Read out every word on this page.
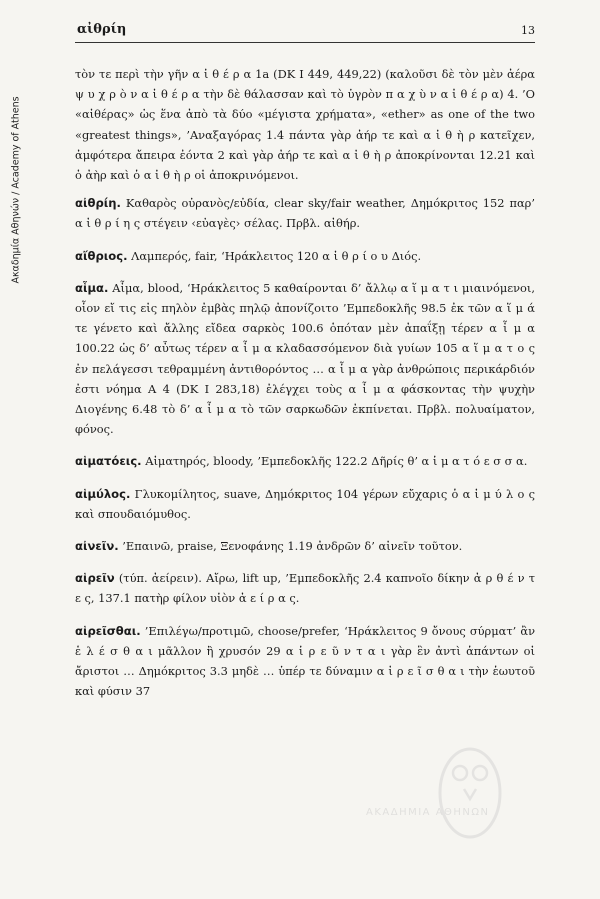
Ακαδημία Αθηνών / Academy of Athens
αἰθρίη	13

τὸν τε περὶ τὴν γῆν α ἰ θ έ ρ α 1a (DK I 449, 449,22) (καλοῦσι δὲ τὸν μὲν ἀέρα ψ υ χ ρ ὸ ν α ἰ θ έ ρ α τὴν δὲ θάλασσαν καὶ τὸ ὑγρὸν π α χ ὺ ν α ἰ θ έ ρ α) 4. ’Ο «αἰθέρας» ὡς ἕνα ἀπὸ τὰ δύο «μέγιστα χρήματα», «ether» as one of the two «greatest things», ’Αναξαγόρας 1.4 πάντα γὰρ ἀήρ τε καὶ α ἰ θ ὴ ρ κατεῖχεν, ἀμφότερα ἄπειρα ἐόντα 2 καὶ γὰρ ἀήρ τε καὶ α ἰ θ ὴ ρ ἀποκρίνονται 12.21 καὶ ὁ ἀὴρ καὶ ὁ α ἰ θ ὴ ρ οἱ ἀποκρινόμενοι.

αἰθρίη. Καθαρὸς οὐρανὸς/εὐδία, clear sky/fair weather, Δημόκριτος 152 παρ’ α ἰ θ ρ ί η ς στέγειν ‹εὐαγὲς› σέλας. Πρβλ. αἰθήρ.

αἴθριος. Λαμπερός, fair, ‘Ηράκλειτος 120 α ἰ θ ρ ί ο υ Διός.

αἷμα. Αἷμα, blood, ‘Ηράκλειτος 5 καθαίρονται δ’ ἄλλῳ α ἵ μ α τ ι μιαινόμενοι, οἷον εἴ τις εἰς πηλὸν ἐμβὰς πηλῷ ἀπονίζοιτο ’Εμπεδοκλῆς 98.5 ἐκ τῶν α ἵ μ ά τε γένετο καὶ ἄλλης εἴδεα σαρκὸς 100.6 ὁπόταν μὲν ἀπαΐξῃ τέρεν α ἷ μ α 100.22 ὡς δ’ αὖτως τέρεν α ἷ μ α κλαδασσόμενον διὰ γυίων 105 α ἵ μ α τ ο ς ἐν πελάγεσσι τεθραμμένη ἀντιθορόντος … α ἷ μ α γὰρ ἀνθρώποις περικάρδιόν ἐστι νόημα A 4 (DK I 283,18) ἐλέγχει τοὺς α ἷ μ α φάσκοντας τὴν ψυχὴν Διογένης 6.48 τὸ δ’ α ἷ μ α τὸ τῶν σαρκωδῶν ἐκπίνεται. Πρβλ. πολυαίματον, φόνος.

αἱματόεις. Αἱματηρός, bloody, ’Εμπεδοκλῆς 122.2 Δῆρίς θ’ α ἱ μ α τ ό ε σ σ α.

αἱμύλος. Γλυκομίλητος, suave, Δημόκριτος 104 γέρων εὔχαρις ὁ α ἱ μ ύ λ ο ς καὶ σπουδαιόμυθος.

αἰνεῖν. ’Επαινῶ, praise, Ξενοφάνης 1.19 ἀνδρῶν δ’ αἰνεῖν τοῦτον.

αἱρεῖν (τύπ. ἀείρειν). Αἴρω, lift up, ’Εμπεδοκλῆς 2.4 καπνοῖο δίκην ἀ ρ θ έ ν τ ε ς, 137.1 πατὴρ φίλον υἱὸν ἀ ε ί ρ α ς.

αἱρεῖσθαι. ’Επιλέγω/προτιμῶ, choose/prefer, ‘Ηράκλειτος 9 ὄνους σύρματ’ ἂν ἑ λ έ σ θ α ι μᾶλλον ἢ χρυσόν 29 α ἱ ρ ε ῦ ν τ α ι γὰρ ἓν ἀντὶ ἁπάντων οἱ ἄριστοι … Δημόκριτος 3.3 μηδὲ … ὑπέρ τε δύναμιν α ἱ ρ ε ῖ σ θ α ι τὴν ἑωυτοῦ καὶ φύσιν 37

ΑΚΑΔΗΜΙΑ ΑΘΗΝΩΝ
